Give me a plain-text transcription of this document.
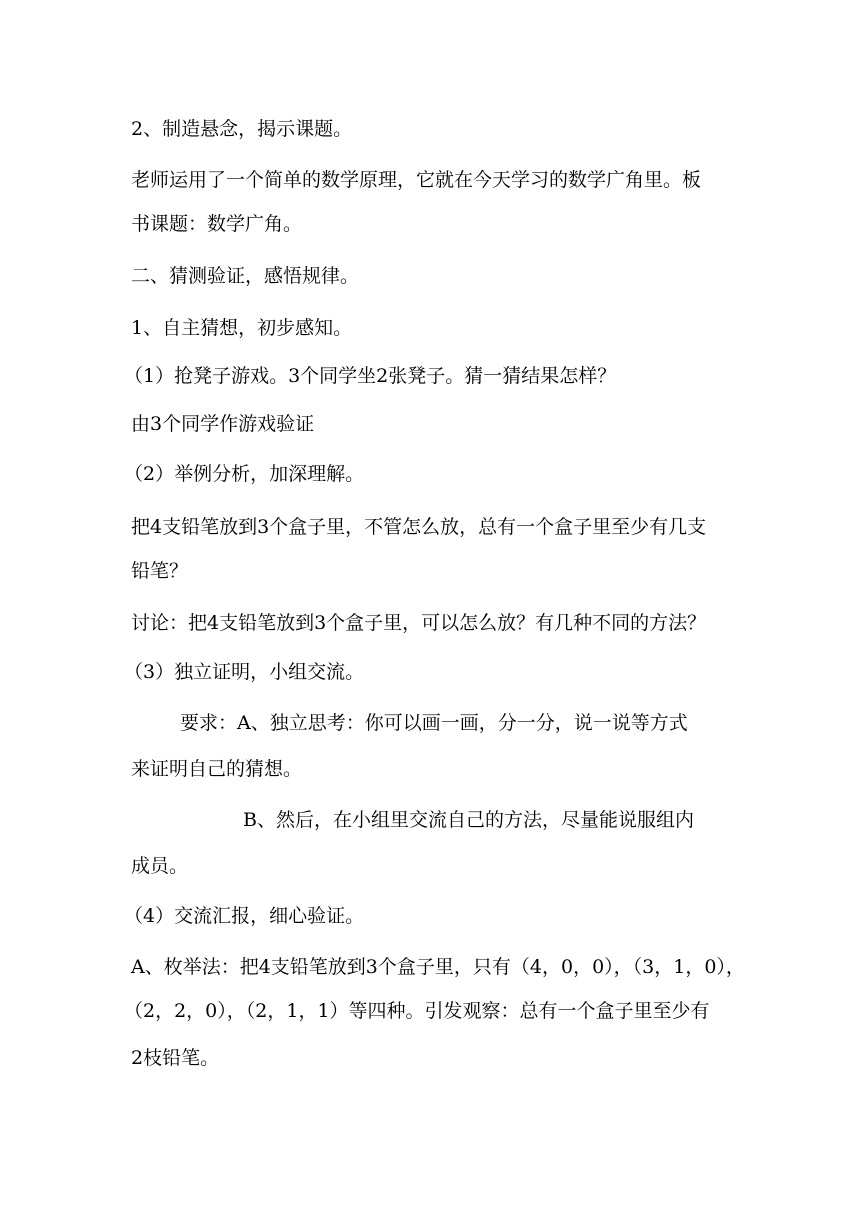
2、制造悬念，揭示课题。
老师运用了一个简单的数学原理，它就在今天学习的数学广角里。板
书课题：数学广角。
二、猜测验证，感悟规律。
1、自主猜想，初步感知。
（1）抢凳子游戏。3个同学坐2张凳子。猜一猜结果怎样？
由3个同学作游戏验证
（2）举例分析，加深理解。
把4支铅笔放到3个盒子里，不管怎么放，总有一个盒子里至少有几支
铅笔？
讨论：把4支铅笔放到3个盒子里，可以怎么放？有几种不同的方法？
（3）独立证明，小组交流。
要求：A、独立思考：你可以画一画，分一分，说一说等方式
来证明自己的猜想。
B、然后，在小组里交流自己的方法，尽量能说服组内
成员。
（4）交流汇报，细心验证。
A、枚举法：把4支铅笔放到3个盒子里，只有（4，0，0），（3，1，0），
（2，2，0），（2，1，1）等四种。引发观察：总有一个盒子里至少有
2枝铅笔。
